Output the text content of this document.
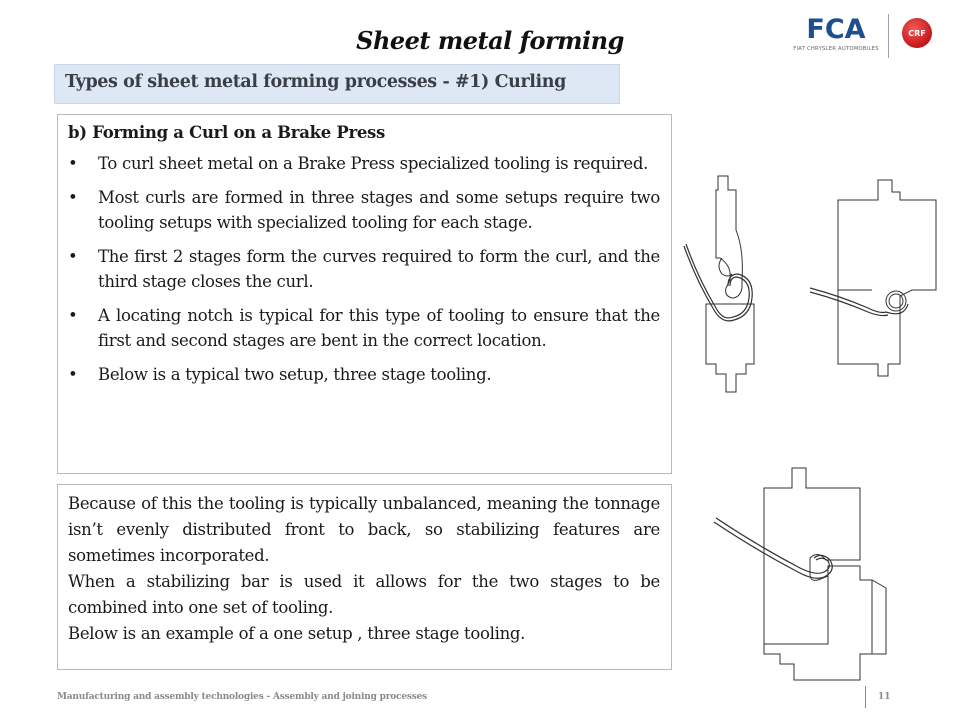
Sheet metal forming	FCA
FIAT CHRYSLER AUTOMOBILES
CRF
Types of sheet metal forming processes - #1) Curling
b) Forming a Curl on a Brake Press
• To curl sheet metal on a Brake Press specialized tooling is required.
• Most curls are formed in three stages and some setups require two tooling setups with specialized tooling for each stage.
• The first 2 stages form the curves required to form the curl, and the third stage closes the curl.
• A locating notch is typical for this type of tooling to ensure that the first and second stages are bent in the correct location.
• Below is a typical two setup, three stage tooling.

Because of this the tooling is typically unbalanced, meaning the tonnage isn’t evenly distributed front to back, so stabilizing features are sometimes incorporated.

When a stabilizing bar is used it allows for the two stages to be combined into one set of tooling.

Below is an example of a one setup , three stage tooling.

Manufacturing and assembly technologies - Assembly and joining processes	11
